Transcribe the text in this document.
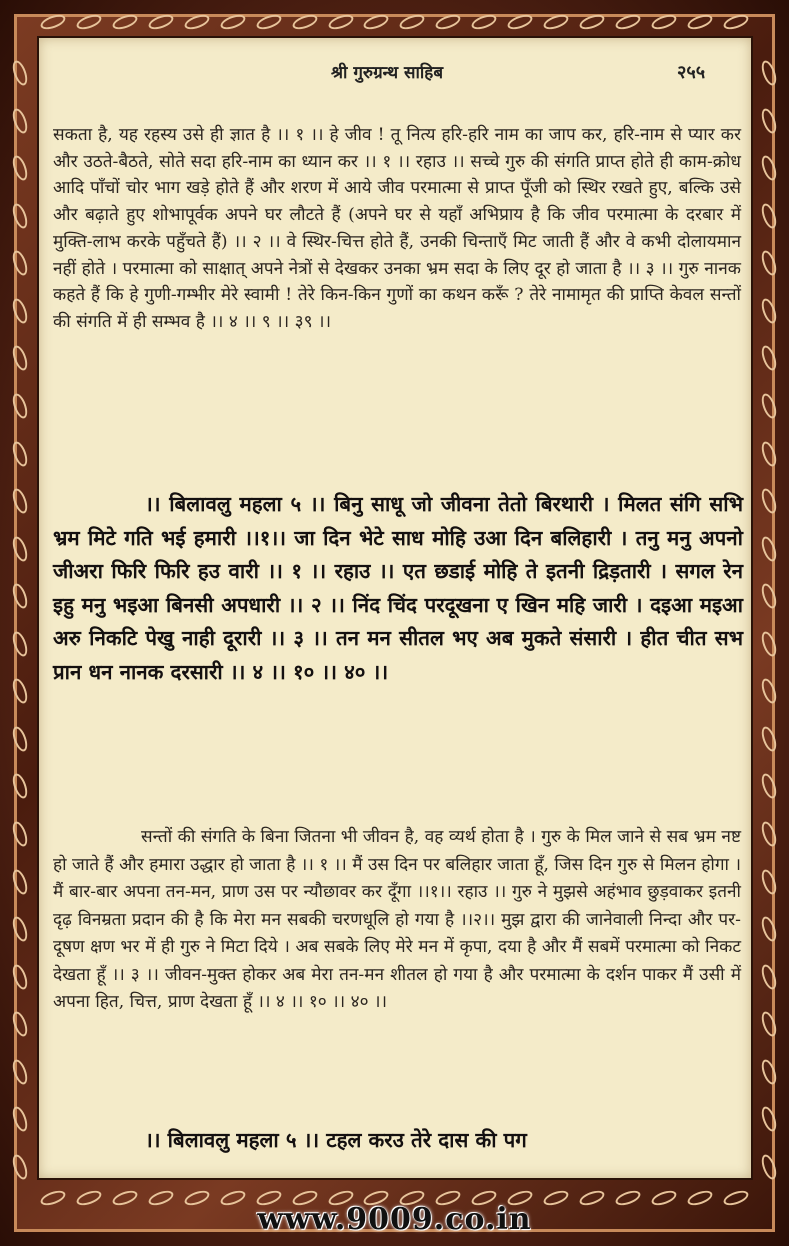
श्री गुरुग्रन्थ साहिब	२५५

सकता है, यह रहस्य उसे ही ज्ञात है ।। १ ।। हे जीव ! तू नित्य हरि-हरि नाम का जाप कर, हरि-नाम से प्यार कर और उठते-बैठते, सोते सदा हरि-नाम का ध्यान कर ।। १ ।। रहाउ ।। सच्चे गुरु की संगति प्राप्त होते ही काम-क्रोध आदि पाँचों चोर भाग खड़े होते हैं और शरण में आये जीव परमात्मा से प्राप्त पूँजी को स्थिर रखते हुए, बल्कि उसे और बढ़ाते हुए शोभापूर्वक अपने घर लौटते हैं (अपने घर से यहाँ अभिप्राय है कि जीव परमात्मा के दरबार में मुक्ति-लाभ करके पहुँचते हैं) ।। २ ।। वे स्थिर-चित्त होते हैं, उनकी चिन्ताएँ मिट जाती हैं और वे कभी दोलायमान नहीं होते । परमात्मा को साक्षात् अपने नेत्रों से देखकर उनका भ्रम सदा के लिए दूर हो जाता है ।। ३ ।। गुरु नानक कहते हैं कि हे गुणी-गम्भीर मेरे स्वामी ! तेरे किन-किन गुणों का कथन करूँ ? तेरे नामामृत की प्राप्ति केवल सन्तों की संगति में ही सम्भव है ।। ४ ।। ९ ।। ३९ ।।

।। बिलावलु महला ५ ।। बिनु साधू जो जीवना तेतो बिरथारी । मिलत संगि सभि भ्रम मिटे गति भई हमारी ।।१।। जा दिन भेटे साध मोहि उआ दिन बलिहारी । तनु मनु अपनो जीअरा फिरि फिरि हउ वारी ।। १ ।। रहाउ ।। एत छडाई मोहि ते इतनी द्रिड़तारी । सगल रेन इहु मनु भइआ बिनसी अपधारी ।। २ ।। निंद चिंद परदूखना ए खिन महि जारी । दइआ मइआ अरु निकटि पेखु नाही दूरारी ।। ३ ।। तन मन सीतल भए अब मुकते संसारी । हीत चीत सभ प्रान धन नानक दरसारी ।। ४ ।। १० ।। ४० ।।

सन्तों की संगति के बिना जितना भी जीवन है, वह व्यर्थ होता है । गुरु के मिल जाने से सब भ्रम नष्ट हो जाते हैं और हमारा उद्धार हो जाता है ।। १ ।। मैं उस दिन पर बलिहार जाता हूँ, जिस दिन गुरु से मिलन होगा । मैं बार-बार अपना तन-मन, प्राण उस पर न्यौछावर कर दूँगा ।।१।। रहाउ ।। गुरु ने मुझसे अहंभाव छुड़वाकर इतनी दृढ़ विनम्रता प्रदान की है कि मेरा मन सबकी चरणधूलि हो गया है ।।२।। मुझ द्वारा की जानेवाली निन्दा और पर-दूषण क्षण भर में ही गुरु ने मिटा दिये । अब सबके लिए मेरे मन में कृपा, दया है और मैं सबमें परमात्मा को निकट देखता हूँ ।। ३ ।। जीवन-मुक्त होकर अब मेरा तन-मन शीतल हो गया है और परमात्मा के दर्शन पाकर मैं उसी में अपना हित, चित्त, प्राण देखता हूँ ।। ४ ।। १० ।। ४० ।।

।। बिलावलु महला ५ ।। टहल करउ तेरे दास की पग

www.9009.co.in
